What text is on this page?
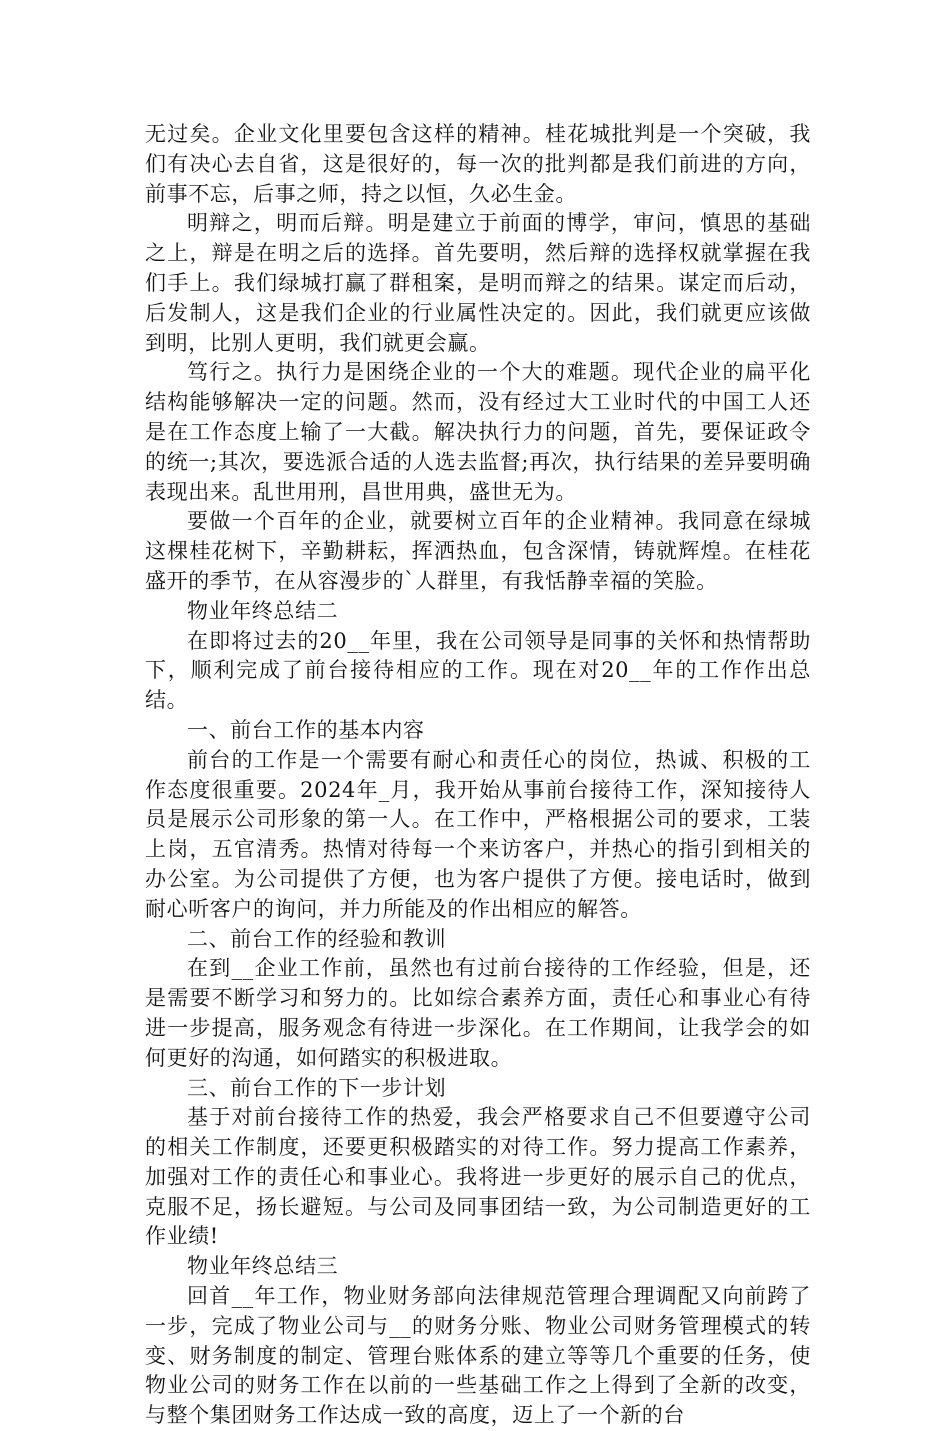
无过矣。企业文化里要包含这样的精神。桂花城批判是一个突破，我们有决心去自省，这是很好的，每一次的批判都是我们前进的方向，前事不忘，后事之师，持之以恒，久必生金。

明辩之，明而后辩。明是建立于前面的博学，审问，慎思的基础之上，辩是在明之后的选择。首先要明，然后辩的选择权就掌握在我们手上。我们绿城打赢了群租案，是明而辩之的结果。谋定而后动，后发制人，这是我们企业的行业属性决定的。因此，我们就更应该做到明，比别人更明，我们就更会赢。

笃行之。执行力是困绕企业的一个大的难题。现代企业的扁平化结构能够解决一定的问题。然而，没有经过大工业时代的中国工人还是在工作态度上输了一大截。解决执行力的问题，首先，要保证政令的统一;其次，要选派合适的人选去监督;再次，执行结果的差异要明确表现出来。乱世用刑，昌世用典，盛世无为。

要做一个百年的企业，就要树立百年的企业精神。我同意在绿城这棵桂花树下，辛勤耕耘，挥洒热血，包含深情，铸就辉煌。在桂花盛开的季节，在从容漫步的`人群里，有我恬静幸福的笑脸。

物业年终总结二

在即将过去的20__年里，我在公司领导是同事的关怀和热情帮助下，顺利完成了前台接待相应的工作。现在对20__年的工作作出总结。

一、前台工作的基本内容

前台的工作是一个需要有耐心和责任心的岗位，热诚、积极的工作态度很重要。2024年_月，我开始从事前台接待工作，深知接待人员是展示公司形象的第一人。在工作中，严格根据公司的要求，工装上岗，五官清秀。热情对待每一个来访客户，并热心的指引到相关的办公室。为公司提供了方便，也为客户提供了方便。接电话时，做到耐心听客户的询问，并力所能及的作出相应的解答。

二、前台工作的经验和教训

在到__企业工作前，虽然也有过前台接待的工作经验，但是，还是需要不断学习和努力的。比如综合素养方面，责任心和事业心有待进一步提高，服务观念有待进一步深化。在工作期间，让我学会的如何更好的沟通，如何踏实的积极进取。

三、前台工作的下一步计划

基于对前台接待工作的热爱，我会严格要求自己不但要遵守公司的相关工作制度，还要更积极踏实的对待工作。努力提高工作素养，加强对工作的责任心和事业心。我将进一步更好的展示自己的优点，克服不足，扬长避短。与公司及同事团结一致，为公司制造更好的工作业绩!

物业年终总结三

回首__年工作，物业财务部向法律规范管理合理调配又向前跨了一步，完成了物业公司与__的财务分账、物业公司财务管理模式的转变、财务制度的制定、管理台账体系的建立等等几个重要的任务，使物业公司的财务工作在以前的一些基础工作之上得到了全新的改变，与整个集团财务工作达成一致的高度，迈上了一个新的台
